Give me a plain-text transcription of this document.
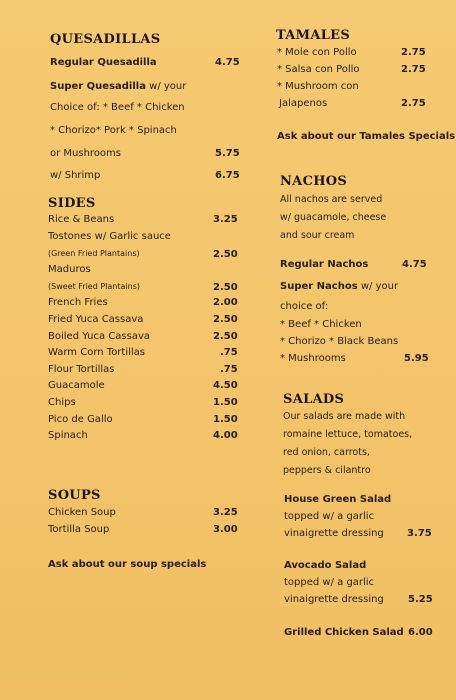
QUESADILLAS
Regular Quesadilla	4.75
Super Quesadilla w/ your
Choice of: * Beef * Chicken
* Chorizo* Pork * Spinach
or Mushrooms	5.75
w/ Shrimp	6.75
SIDES
Rice & Beans	3.25
Tostones w/ Garlic sauce
(Green Fried Plantains)	2.50
Maduros
(Sweet Fried Plantains)	2.50
French Fries	2.00
Fried Yuca Cassava	2.50
Boiled Yuca Cassava	2.50
Warm Corn Tortillas	.75
Flour Tortillas	.75
Guacamole	4.50
Chips	1.50
Pico de Gallo	1.50
Spinach	4.00
SOUPS
Chicken Soup	3.25
Tortilla Soup	3.00
Ask about our soup specials
TAMALES
* Mole con Pollo	2.75
* Salsa con Pollo	2.75
* Mushroom con
Jalapenos	2.75
Ask about our Tamales Specials
NACHOS
All nachos are served
w/ guacamole, cheese
and sour cream
Regular Nachos	4.75
Super Nachos w/ your
choice of:
* Beef * Chicken
* Chorizo * Black Beans
* Mushrooms	5.95
SALADS
Our salads are made with
romaine lettuce, tomatoes,
red onion, carrots,
peppers & cilantro
House Green Salad
topped w/ a garlic
vinaigrette dressing 3.75
Avocado Salad
topped w/ a garlic
vinaigrette dressing 5.25
Grilled Chicken Salad 6.00
